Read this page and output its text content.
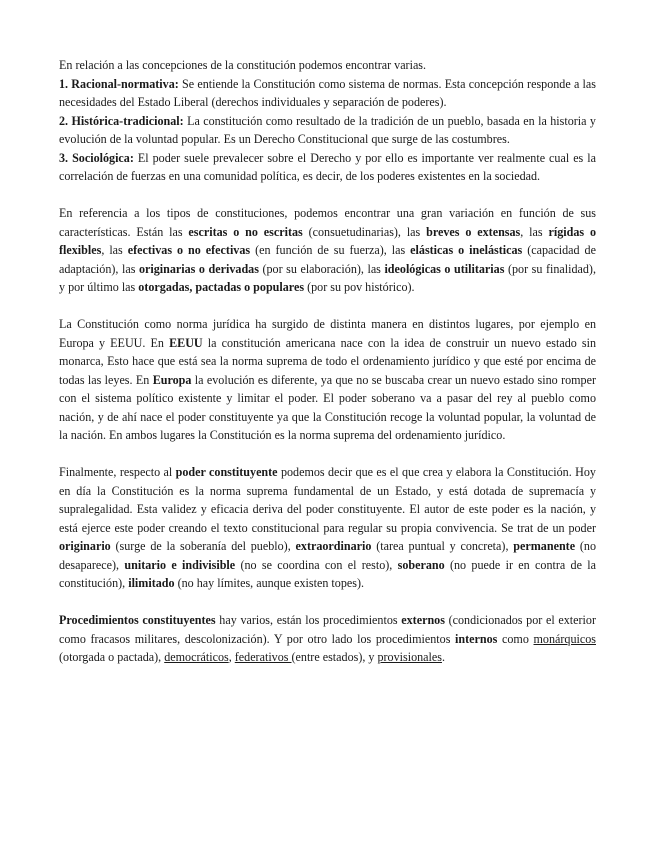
En relación a las concepciones de la constitución podemos encontrar varias.

1. Racional-normativa: Se entiende la Constitución como sistema de normas. Esta concepción responde a las necesidades del Estado Liberal (derechos individuales y separación de poderes).

2. Histórica-tradicional: La constitución como resultado de la tradición de un pueblo, basada en la historia y evolución de la voluntad popular. Es un Derecho Constitucional que surge de las costumbres.

3. Sociológica: El poder suele prevalecer sobre el Derecho y por ello es importante ver realmente cual es la correlación de fuerzas en una comunidad política, es decir, de los poderes existentes en la sociedad.

En referencia a los tipos de constituciones, podemos encontrar una gran variación en función de sus características. Están las escritas o no escritas (consuetudinarias), las breves o extensas, las rígidas o flexibles, las efectivas o no efectivas (en función de su fuerza), las elásticas o inelásticas (capacidad de adaptación), las originarias o derivadas (por su elaboración), las ideológicas o utilitarias (por su finalidad), y por último las otorgadas, pactadas o populares (por su pov histórico).

La Constitución como norma jurídica ha surgido de distinta manera en distintos lugares, por ejemplo en Europa y EEUU. En EEUU la constitución americana nace con la idea de construir un nuevo estado sin monarca, Esto hace que está sea la norma suprema de todo el ordenamiento jurídico y que esté por encima de todas las leyes. En Europa la evolución es diferente, ya que no se buscaba crear un nuevo estado sino romper con el sistema político existente y limitar el poder. El poder soberano va a pasar del rey al pueblo como nación, y de ahí nace el poder constituyente ya que la Constitución recoge la voluntad popular, la voluntad de la nación. En ambos lugares la Constitución es la norma suprema del ordenamiento jurídico.

Finalmente, respecto al poder constituyente podemos decir que es el que crea y elabora la Constitución. Hoy en día la Constitución es la norma suprema fundamental de un Estado, y está dotada de supremacía y supralegalidad. Esta validez y eficacia deriva del poder constituyente. El autor de este poder es la nación, y está ejerce este poder creando el texto constitucional para regular su propia convivencia. Se trat de un poder originario (surge de la soberanía del pueblo), extraordinario (tarea puntual y concreta), permanente (no desaparece), unitario e indivisible (no se coordina con el resto), soberano (no puede ir en contra de la constitución), ilimitado (no hay límites, aunque existen topes).

Procedimientos constituyentes hay varios, están los procedimientos externos (condicionados por el exterior como fracasos militares, descolonización). Y por otro lado los procedimientos internos como monárquicos (otorgada o pactada), democráticos, federativos (entre estados), y provisionales.
